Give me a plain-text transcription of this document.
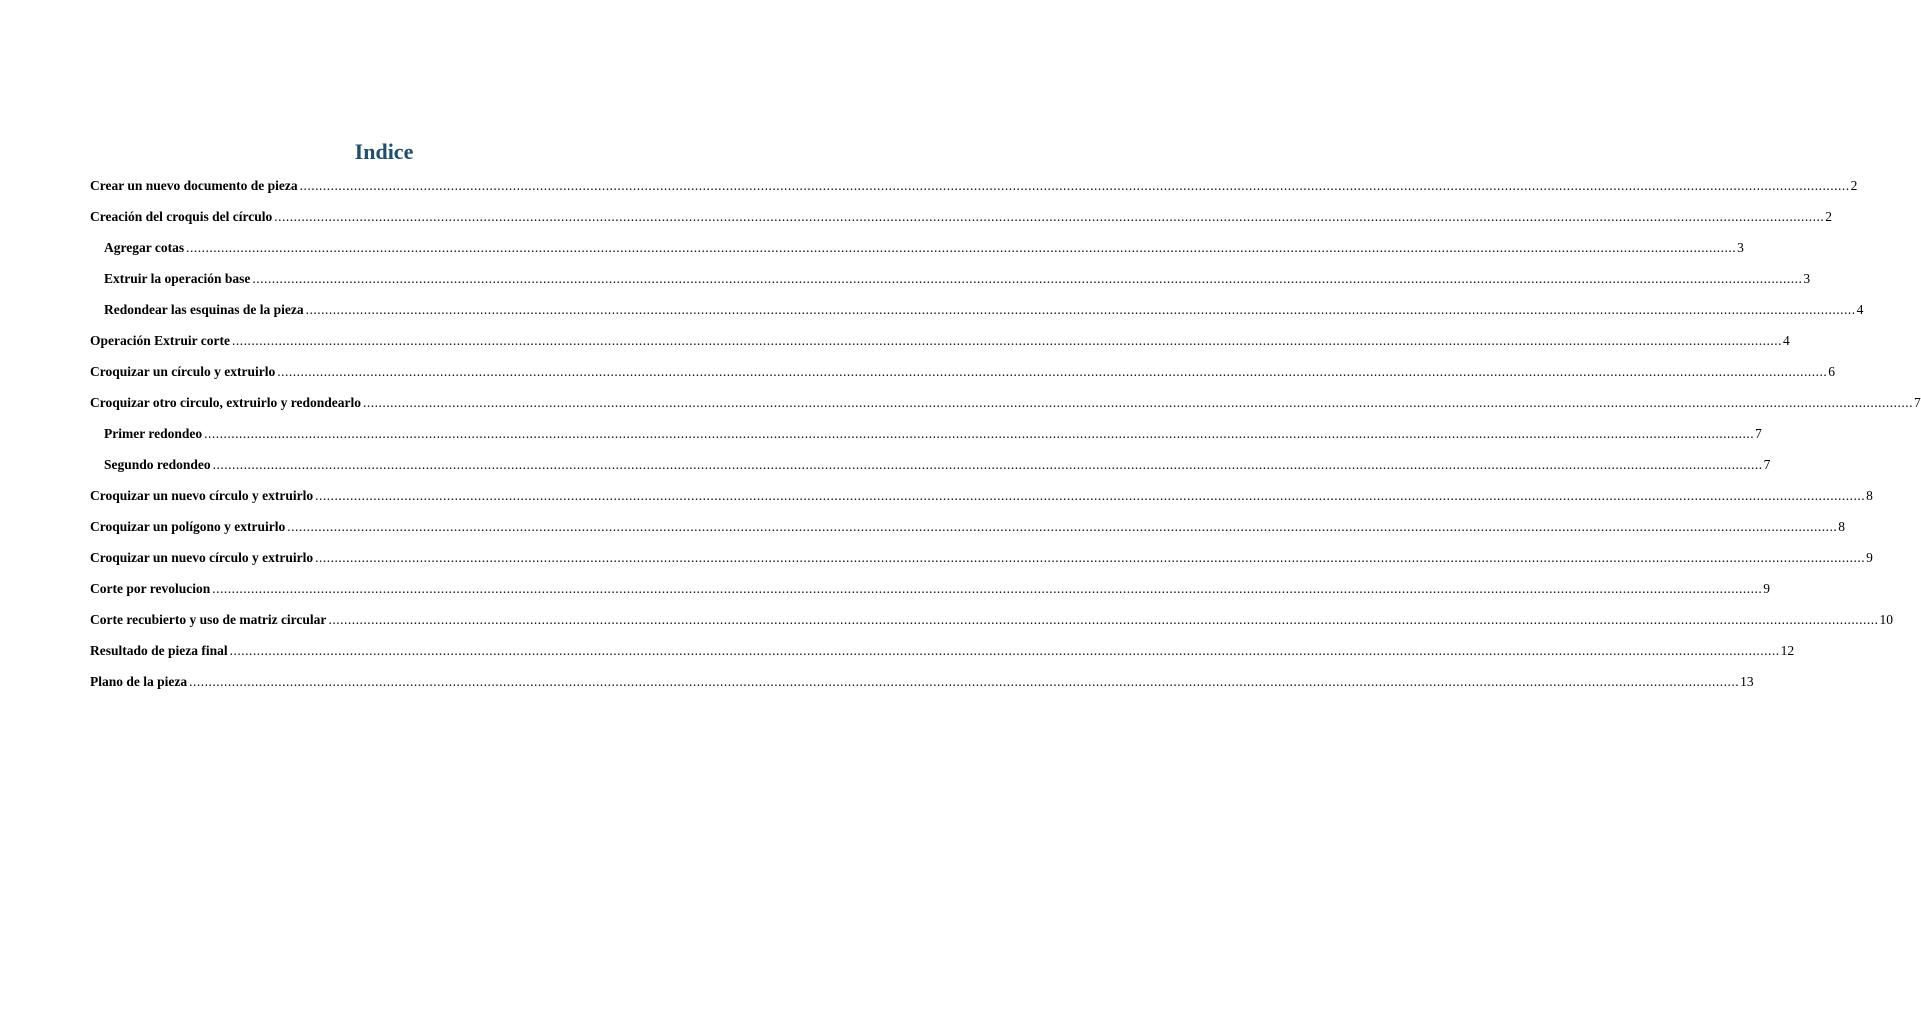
Indice
Crear un nuevo documento de pieza ................................................................................................................................................................................................................................................................................................................................................................................................................ 2
Creación del croquis del círculo ................................................................................................................................................................................................................................................................................................................................................................................................................ 2
Agregar cotas ................................................................................................................................................................................................................................................................................................................................................................................................................ 3
Extruir la operación base ................................................................................................................................................................................................................................................................................................................................................................................................................ 3
Redondear las esquinas de la pieza ................................................................................................................................................................................................................................................................................................................................................................................................................ 4
Operación Extruir corte ................................................................................................................................................................................................................................................................................................................................................................................................................ 4
Croquizar un círculo y extruirlo ................................................................................................................................................................................................................................................................................................................................................................................................................ 6
Croquizar otro circulo, extruirlo y redondearlo ................................................................................................................................................................................................................................................................................................................................................................................................................ 7
Primer redondeo ................................................................................................................................................................................................................................................................................................................................................................................................................ 7
Segundo redondeo ................................................................................................................................................................................................................................................................................................................................................................................................................ 7
Croquizar un nuevo círculo y extruirlo ................................................................................................................................................................................................................................................................................................................................................................................................................ 8
Croquizar un polígono y extruirlo ................................................................................................................................................................................................................................................................................................................................................................................................................ 8
Croquizar un nuevo círculo y extruirlo ................................................................................................................................................................................................................................................................................................................................................................................................................ 9
Corte por revolucion ................................................................................................................................................................................................................................................................................................................................................................................................................ 9
Corte recubierto y uso de matriz circular ................................................................................................................................................................................................................................................................................................................................................................................................................ 10
Resultado de pieza final ................................................................................................................................................................................................................................................................................................................................................................................................................ 12
Plano de la pieza ................................................................................................................................................................................................................................................................................................................................................................................................................ 13
